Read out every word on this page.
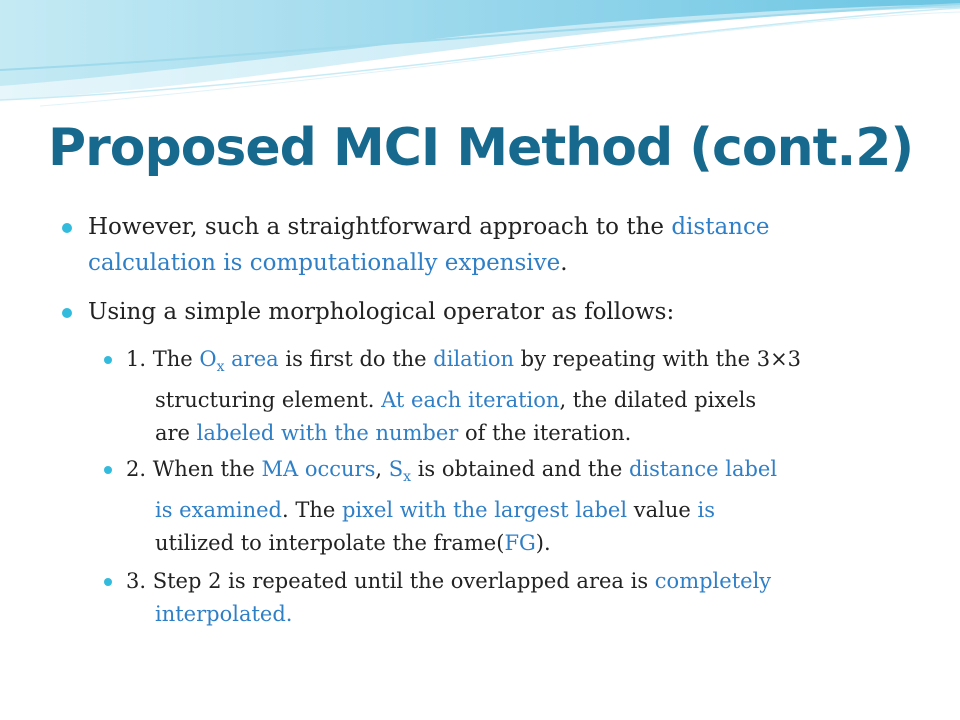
Proposed MCI Method (cont.2)
However, such a straightforward approach to the distance
calculation is computationally expensive.
Using a simple morphological operator as follows:
1. The $O_x$ area is first do the dilation by repeating with the 3×3
structuring element. At each iteration, the dilated pixels
are labeled with the number of the iteration.
2. When the MA occurs, $S_x$ is obtained and the distance label
is examined. The pixel with the largest label value is
utilized to interpolate the frame(FG).
3. Step 2 is repeated until the overlapped area is completely
interpolated.
